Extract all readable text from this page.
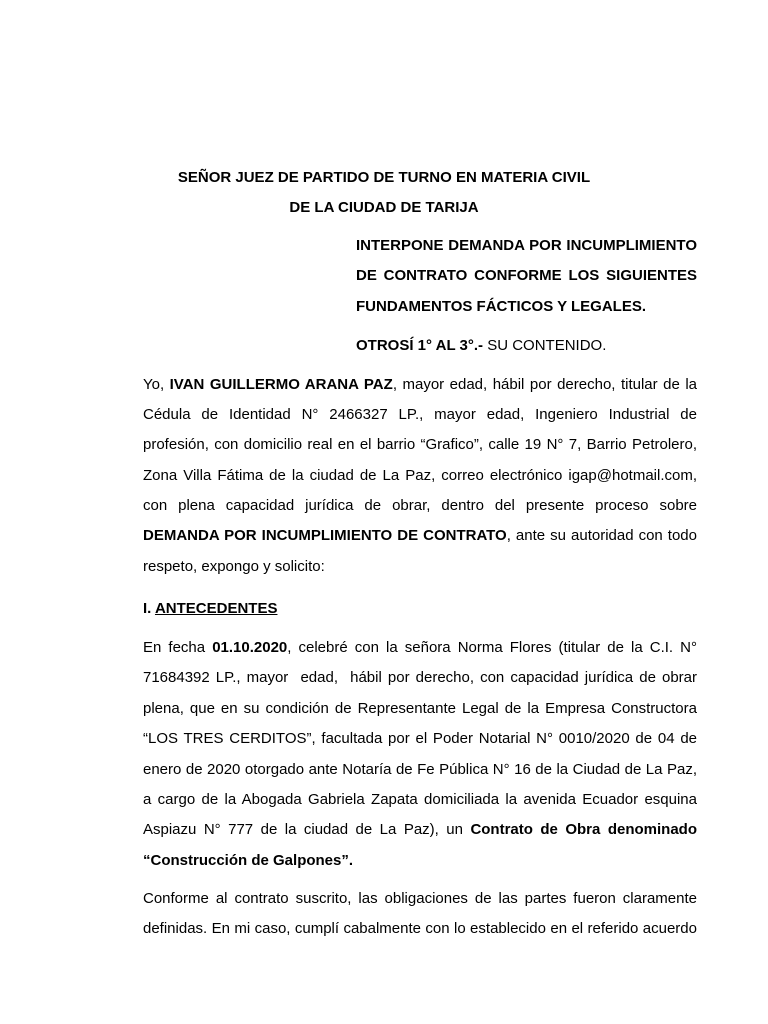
SEÑOR JUEZ DE PARTIDO DE TURNO EN MATERIA CIVIL
DE LA CIUDAD DE TARIJA
INTERPONE DEMANDA POR INCUMPLIMIENTO
DE CONTRATO CONFORME LOS SIGUIENTES
FUNDAMENTOS FÁCTICOS Y LEGALES.
OTROSÍ 1° AL 3°.- SU CONTENIDO.
Yo, IVAN GUILLERMO ARANA PAZ, mayor edad, hábil por derecho, titular de la
Cédula de Identidad N° 2466327 LP., mayor edad, Ingeniero Industrial de
profesión, con domicilio real en el barrio “Grafico”, calle 19 N° 7, Barrio Petrolero,
Zona Villa Fátima de la ciudad de La Paz, correo electrónico igap@hotmail.com,
con plena capacidad jurídica de obrar, dentro del presente proceso sobre
DEMANDA POR INCUMPLIMIENTO DE CONTRATO, ante su autoridad con todo
respeto, expongo y solicito:
I. ANTECEDENTES
En fecha 01.10.2020, celebré con la señora Norma Flores (titular de la C.I. N°
71684392 LP., mayor  edad,  hábil por derecho, con capacidad jurídica de obrar
plena, que en su condición de Representante Legal de la Empresa Constructora
“LOS TRES CERDITOS”, facultada por el Poder Notarial N° 0010/2020 de 04 de
enero de 2020 otorgado ante Notaría de Fe Pública N° 16 de la Ciudad de La Paz,
a cargo de la Abogada Gabriela Zapata domiciliada la avenida Ecuador esquina
Aspiazu N° 777 de la ciudad de La Paz), un Contrato de Obra denominado
“Construcción de Galpones”.
Conforme al contrato suscrito, las obligaciones de las partes fueron claramente
definidas. En mi caso, cumplí cabalmente con lo establecido en el referido acuerdo
